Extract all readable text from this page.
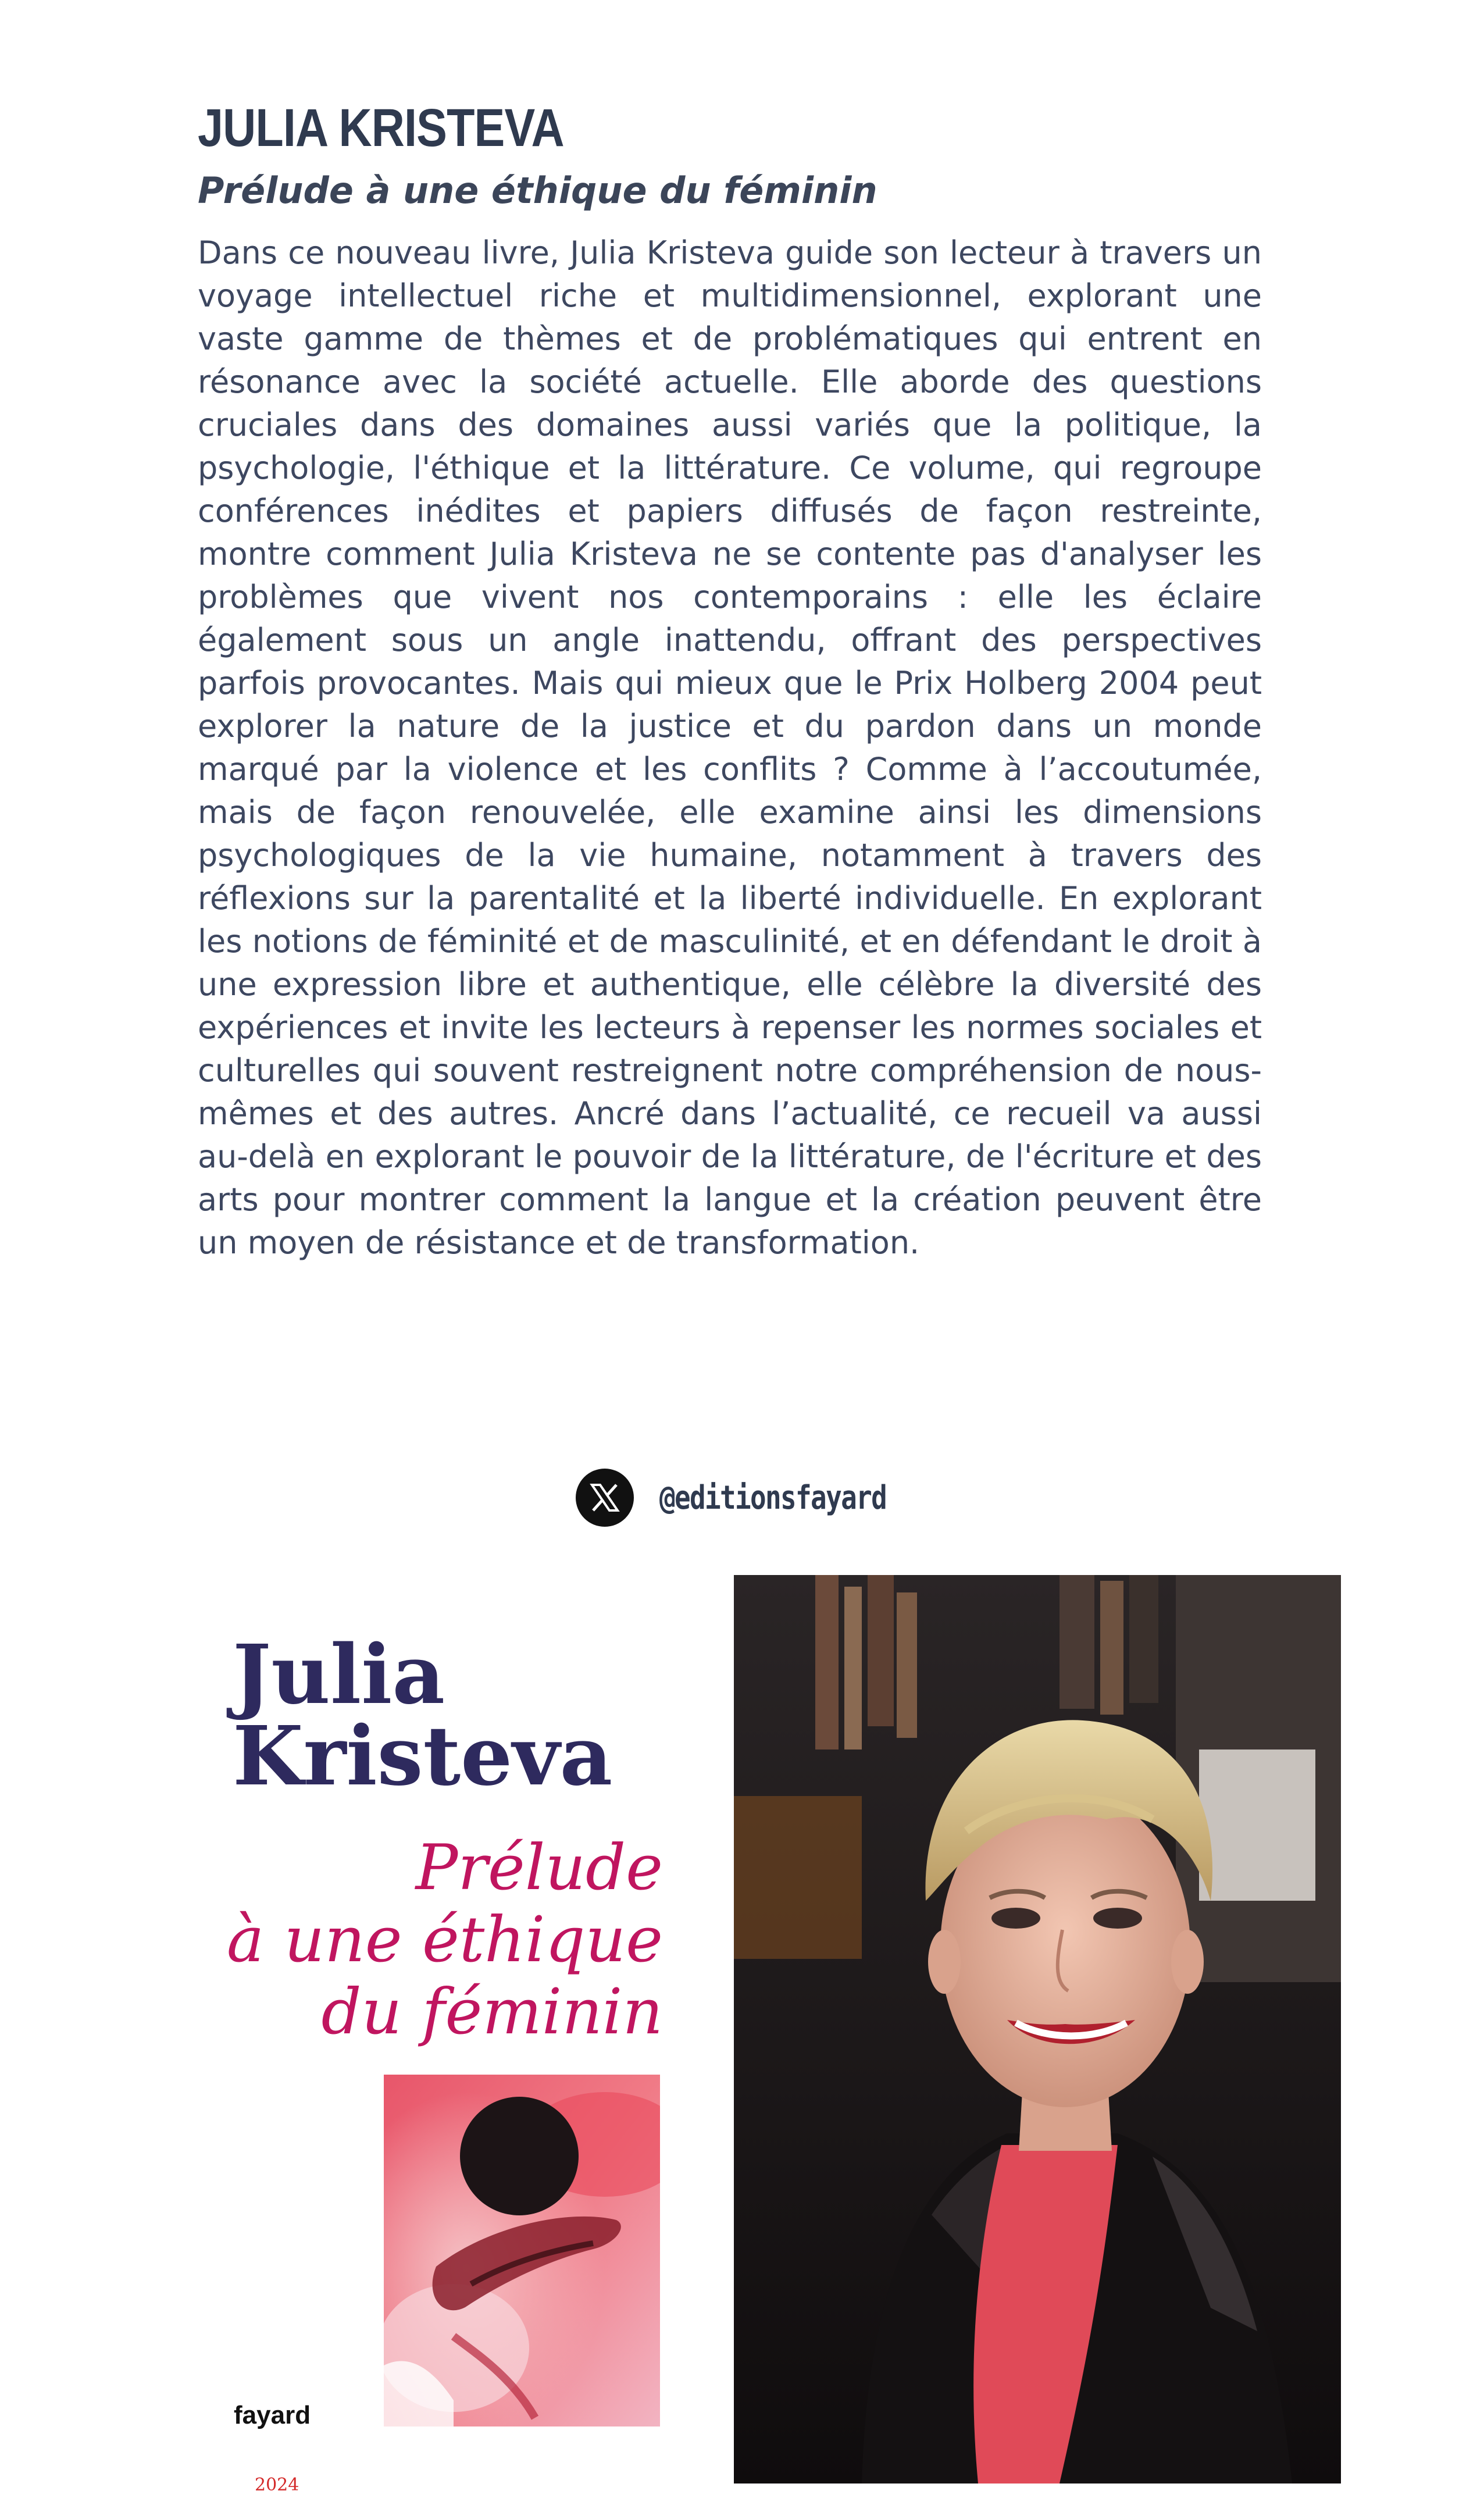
JULIA KRISTEVA
Prélude à une éthique du féminin

Dans ce nouveau livre, Julia Kristeva guide son lecteur à travers un voyage intellectuel riche et multidimensionnel, explorant une vaste gamme de thèmes et de problématiques qui entrent en résonance avec la société actuelle. Elle aborde des questions cruciales dans des domaines aussi variés que la politique, la psychologie, l'éthique et la littérature. Ce volume, qui regroupe conférences inédites et papiers diffusés de façon restreinte, montre comment Julia Kristeva ne se contente pas d'analyser les problèmes que vivent nos contemporains : elle les éclaire également sous un angle inattendu, offrant des perspectives parfois provocantes. Mais qui mieux que le Prix Holberg 2004 peut explorer la nature de la justice et du pardon dans un monde marqué par la violence et les conflits ? Comme à l’accoutumée, mais de façon renouvelée, elle examine ainsi les dimensions psychologiques de la vie humaine, notamment à travers des réflexions sur la parentalité et la liberté individuelle. En explorant les notions de féminité et de masculinité, et en défendant le droit à une expression libre et authentique, elle célèbre la diversité des expériences et invite les lecteurs à repenser les normes sociales et culturelles qui souvent restreignent notre compréhension de nous-mêmes et des autres. Ancré dans l’actualité, ce recueil va aussi au-delà en explorant le pouvoir de la littérature, de l'écriture et des arts pour montrer comment la langue et la création peuvent être un moyen de résistance et de transformation.

@editionsfayard
Julia
Kristeva
Prélude
à une éthique
du féminin
fayard
2024
